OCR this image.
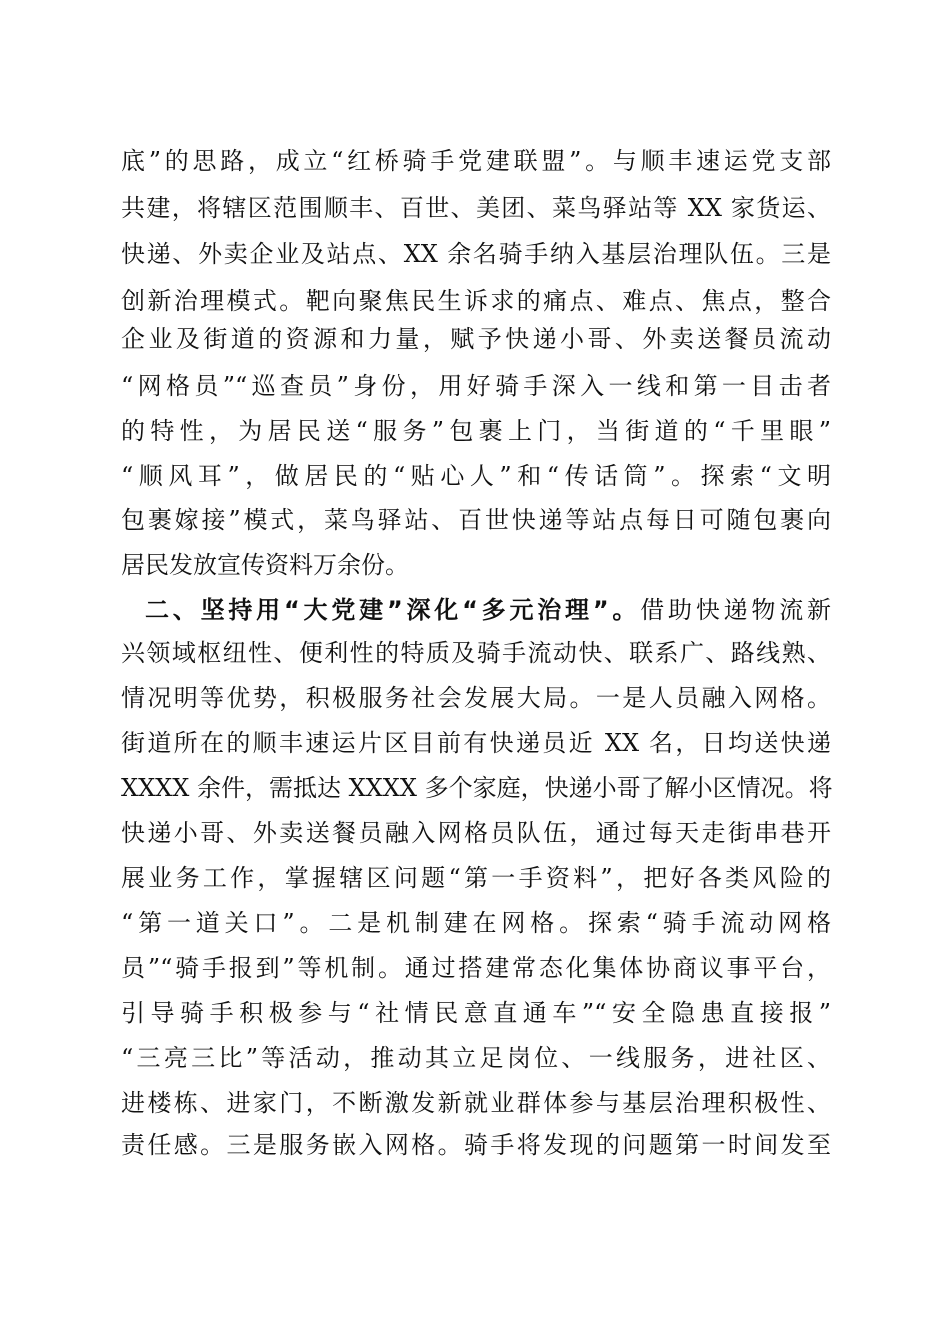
底”的思路，成立“红桥骑手党建联盟”。与顺丰速运党支部
共建，将辖区范围顺丰、百世、美团、菜鸟驿站等 XX 家货运、
快递、外卖企业及站点、XX 余名骑手纳入基层治理队伍。三是
创新治理模式。靶向聚焦民生诉求的痛点、难点、焦点，整合
企业及街道的资源和力量，赋予快递小哥、外卖送餐员流动
“网格员”“巡查员”身份，用好骑手深入一线和第一目击者
的特性，为居民送“服务”包裹上门，当街道的“千里眼”
“顺风耳”，做居民的“贴心人”和“传话筒”。探索“文明
包裹嫁接”模式，菜鸟驿站、百世快递等站点每日可随包裹向
居民发放宣传资料万余份。
二、坚持用“大党建”深化“多元治理”。借助快递物流新
兴领域枢纽性、便利性的特质及骑手流动快、联系广、路线熟、
情况明等优势，积极服务社会发展大局。一是人员融入网格。
街道所在的顺丰速运片区目前有快递员近 XX 名，日均送快递
XXXX 余件，需抵达 XXXX 多个家庭，快递小哥了解小区情况。将
快递小哥、外卖送餐员融入网格员队伍，通过每天走街串巷开
展业务工作，掌握辖区问题“第一手资料”，把好各类风险的
“第一道关口”。二是机制建在网格。探索“骑手流动网格
员”“骑手报到”等机制。通过搭建常态化集体协商议事平台，
引导骑手积极参与“社情民意直通车”“安全隐患直接报”
“三亮三比”等活动，推动其立足岗位、一线服务，进社区、
进楼栋、进家门，不断激发新就业群体参与基层治理积极性、
责任感。三是服务嵌入网格。骑手将发现的问题第一时间发至
